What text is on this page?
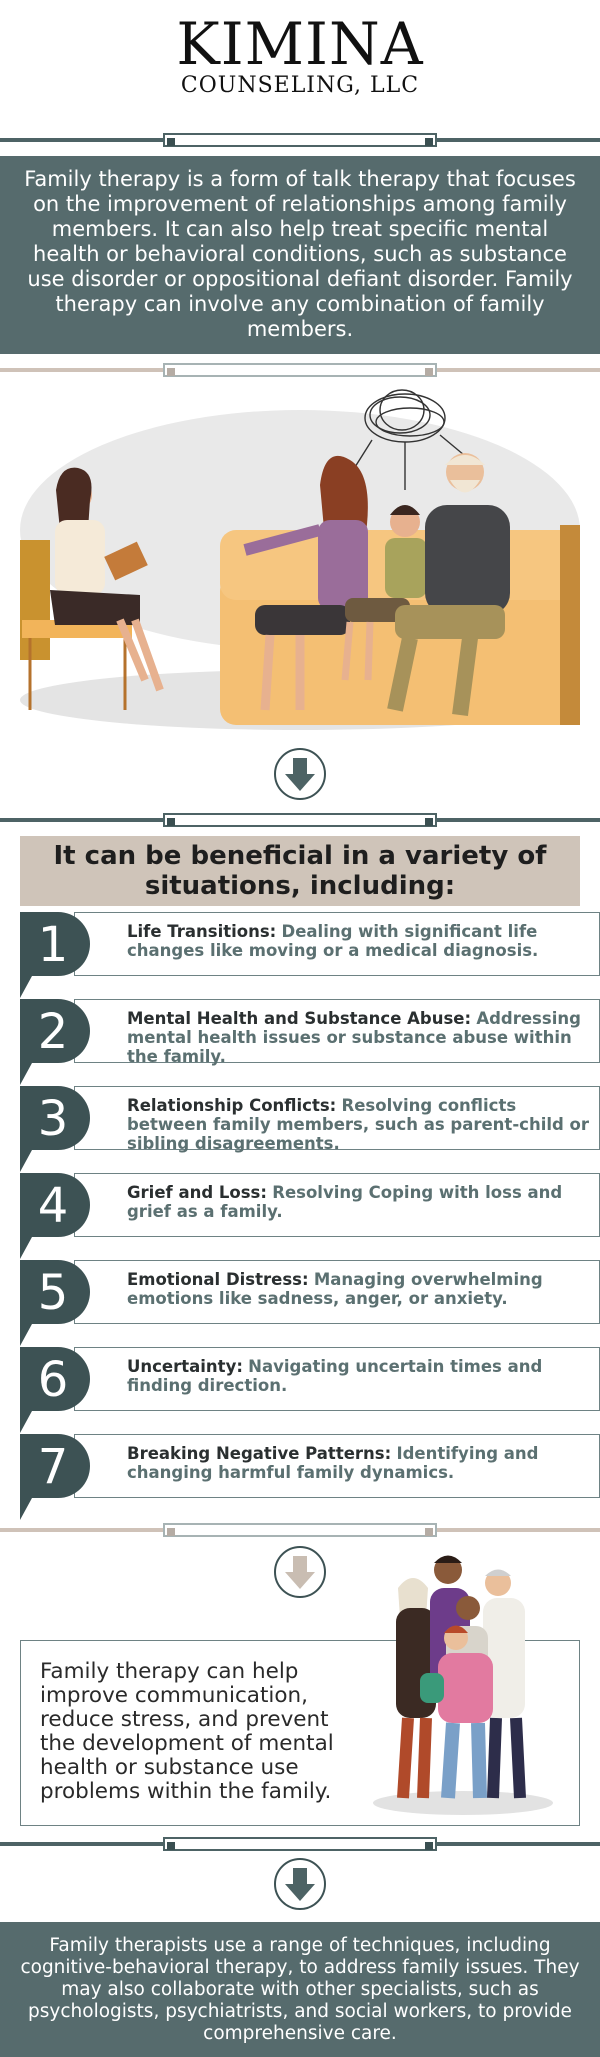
KIMINA
COUNSELING, LLC

Family therapy is a form of talk therapy that focuses on the improvement of relationships among family members. It can also help treat specific mental health or behavioral conditions, such as substance use disorder or oppositional defiant disorder. Family therapy can involve any combination of family members.

It can be beneficial in a variety of situations, including:
Life Transitions: Dealing with significant life changes like moving or a medical diagnosis.
1
Mental Health and Substance Abuse: Addressing mental health issues or substance abuse within the family.
2
Relationship Conflicts: Resolving conflicts between family members, such as parent-child or sibling disagreements.
3
Grief and Loss: Resolving Coping with loss and grief as a family.
4
Emotional Distress: Managing overwhelming emotions like sadness, anger, or anxiety.
5
Uncertainty: Navigating uncertain times and finding direction.
6
Breaking Negative Patterns: Identifying and changing harmful family dynamics.
7

Family therapy can help improve communication, reduce stress, and prevent the development of mental health or substance use problems within the family.

Family therapists use a range of techniques, including cognitive-behavioral therapy, to address family issues. They may also collaborate with other specialists, such as psychologists, psychiatrists, and social workers, to provide comprehensive care.
